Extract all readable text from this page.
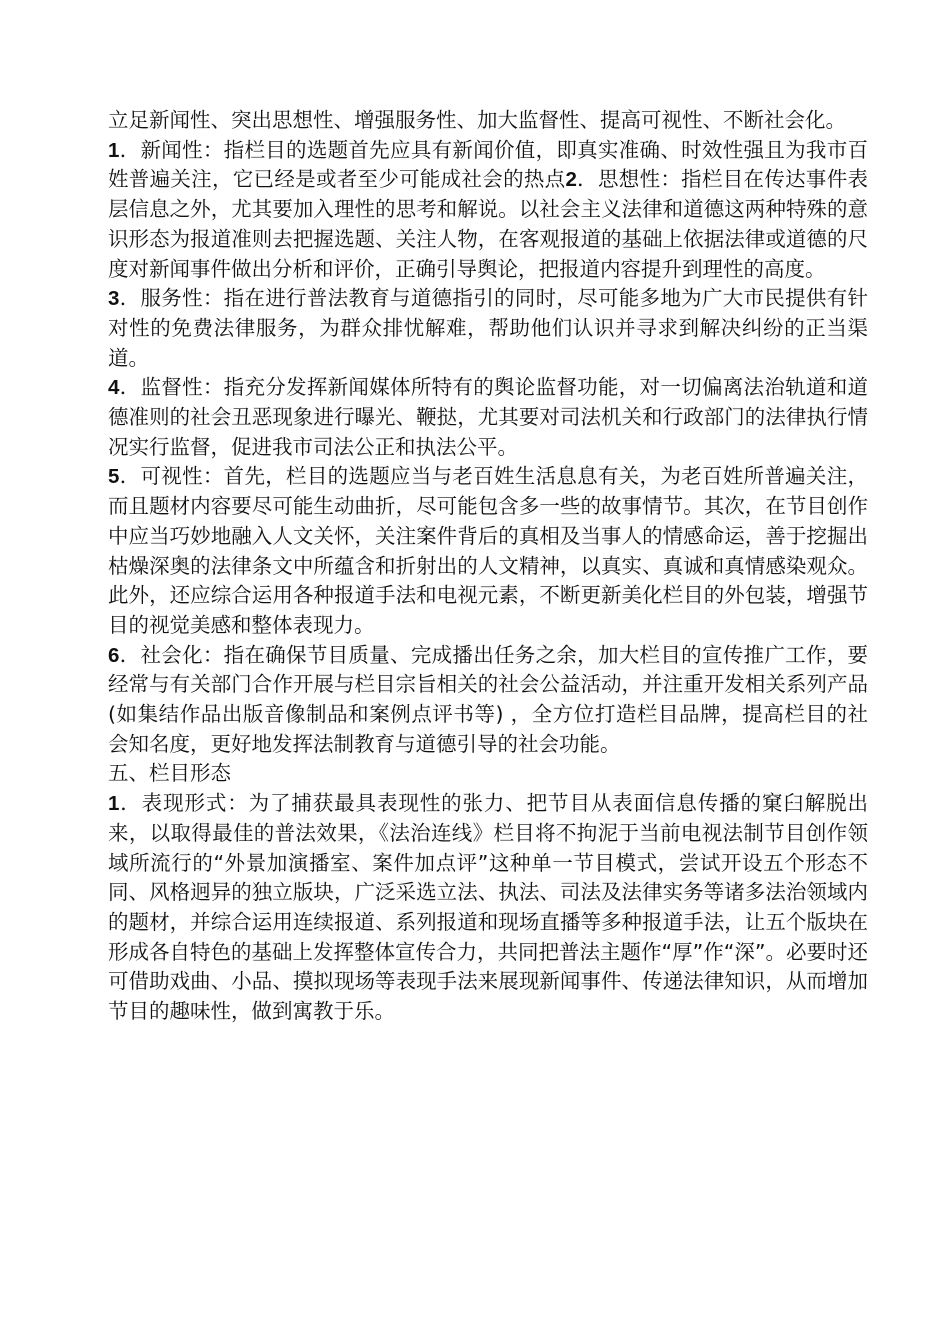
立足新闻性、突出思想性、增强服务性、加大监督性、提高可视性、不断社会化。

1．新闻性：指栏目的选题首先应具有新闻价值，即真实准确、时效性强且为我市百姓普遍关注，它已经是或者至少可能成社会的热点2．思想性：指栏目在传达事件表层信息之外，尤其要加入理性的思考和解说。以社会主义法律和道德这两种特殊的意识形态为报道准则去把握选题、关注人物，在客观报道的基础上依据法律或道德的尺度对新闻事件做出分析和评价，正确引导舆论，把报道内容提升到理性的高度。

3．服务性：指在进行普法教育与道德指引的同时，尽可能多地为广大市民提供有针对性的免费法律服务，为群众排忧解难，帮助他们认识并寻求到解决纠纷的正当渠道。

4．监督性：指充分发挥新闻媒体所特有的舆论监督功能，对一切偏离法治轨道和道德准则的社会丑恶现象进行曝光、鞭挞，尤其要对司法机关和行政部门的法律执行情况实行监督，促进我市司法公正和执法公平。

5．可视性：首先，栏目的选题应当与老百姓生活息息有关，为老百姓所普遍关注，而且题材内容要尽可能生动曲折，尽可能包含多一些的故事情节。其次，在节目创作中应当巧妙地融入人文关怀，关注案件背后的真相及当事人的情感命运，善于挖掘出枯燥深奥的法律条文中所蕴含和折射出的人文精神，以真实、真诚和真情感染观众。此外，还应综合运用各种报道手法和电视元素，不断更新美化栏目的外包装，增强节目的视觉美感和整体表现力。

6．社会化：指在确保节目质量、完成播出任务之余，加大栏目的宣传推广工作，要经常与有关部门合作开展与栏目宗旨相关的社会公益活动，并注重开发相关系列产品 (如集结作品出版音像制品和案例点评书等) ，全方位打造栏目品牌，提高栏目的社会知名度，更好地发挥法制教育与道德引导的社会功能。

五、栏目形态

1．表现形式：为了捕获最具表现性的张力、把节目从表面信息传播的窠臼解脱出来，以取得最佳的普法效果，《法治连线》栏目将不拘泥于当前电视法制节目创作领域所流行的“外景加演播室、案件加点评”这种单一节目模式，尝试开设五个形态不同、风格迥异的独立版块，广泛采选立法、执法、司法及法律实务等诸多法治领域内的题材，并综合运用连续报道、系列报道和现场直播等多种报道手法，让五个版块在形成各自特色的基础上发挥整体宣传合力，共同把普法主题作“厚”作“深”。必要时还可借助戏曲、小品、摸拟现场等表现手法来展现新闻事件、传递法律知识，从而增加节目的趣味性，做到寓教于乐。
